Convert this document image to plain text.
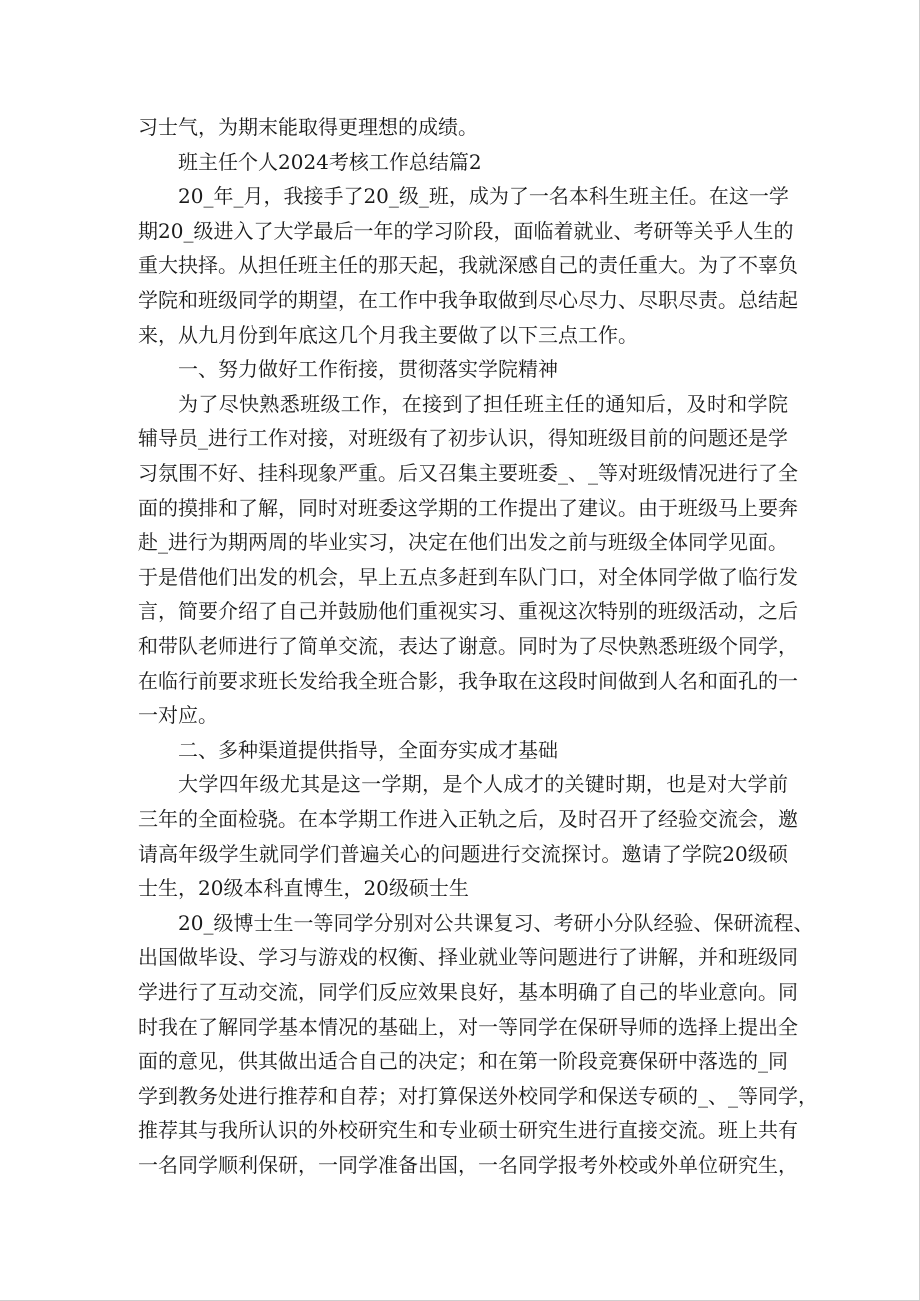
习士气，为期末能取得更理想的成绩。
班主任个人2024考核工作总结篇2
20_年_月，我接手了20_级_班，成为了一名本科生班主任。在这一学
期20_级进入了大学最后一年的学习阶段，面临着就业、考研等关乎人生的
重大抉择。从担任班主任的那天起，我就深感自己的责任重大。为了不辜负
学院和班级同学的期望，在工作中我争取做到尽心尽力、尽职尽责。总结起
来，从九月份到年底这几个月我主要做了以下三点工作。
一、努力做好工作衔接，贯彻落实学院精神
为了尽快熟悉班级工作，在接到了担任班主任的通知后，及时和学院
辅导员_进行工作对接，对班级有了初步认识，得知班级目前的问题还是学
习氛围不好、挂科现象严重。后又召集主要班委_、_等对班级情况进行了全
面的摸排和了解，同时对班委这学期的工作提出了建议。由于班级马上要奔
赴_进行为期两周的毕业实习，决定在他们出发之前与班级全体同学见面。
于是借他们出发的机会，早上五点多赶到车队门口，对全体同学做了临行发
言，简要介绍了自己并鼓励他们重视实习、重视这次特别的班级活动，之后
和带队老师进行了简单交流，表达了谢意。同时为了尽快熟悉班级个同学，
在临行前要求班长发给我全班合影，我争取在这段时间做到人名和面孔的一
一对应。
二、多种渠道提供指导，全面夯实成才基础
大学四年级尤其是这一学期，是个人成才的关键时期，也是对大学前
三年的全面检骁。在本学期工作进入正轨之后，及时召开了经验交流会，邀
请高年级学生就同学们普遍关心的问题进行交流探讨。邀请了学院20级硕
士生，20级本科直博生，20级硕士生
20_级博士生一等同学分别对公共课复习、考研小分队经验、保研流程、
出国做毕设、学习与游戏的权衡、择业就业等问题进行了讲解，并和班级同
学进行了互动交流，同学们反应效果良好，基本明确了自己的毕业意向。同
时我在了解同学基本情况的基础上，对一等同学在保研导师的选择上提出全
面的意见，供其做出适合自己的决定；和在第一阶段竞赛保研中落选的_同
学到教务处进行推荐和自荐；对打算保送外校同学和保送专硕的_、_等同学，
推荐其与我所认识的外校研究生和专业硕士研究生进行直接交流。班上共有
一名同学顺利保研，一同学准备出国，一名同学报考外校或外单位研究生，
